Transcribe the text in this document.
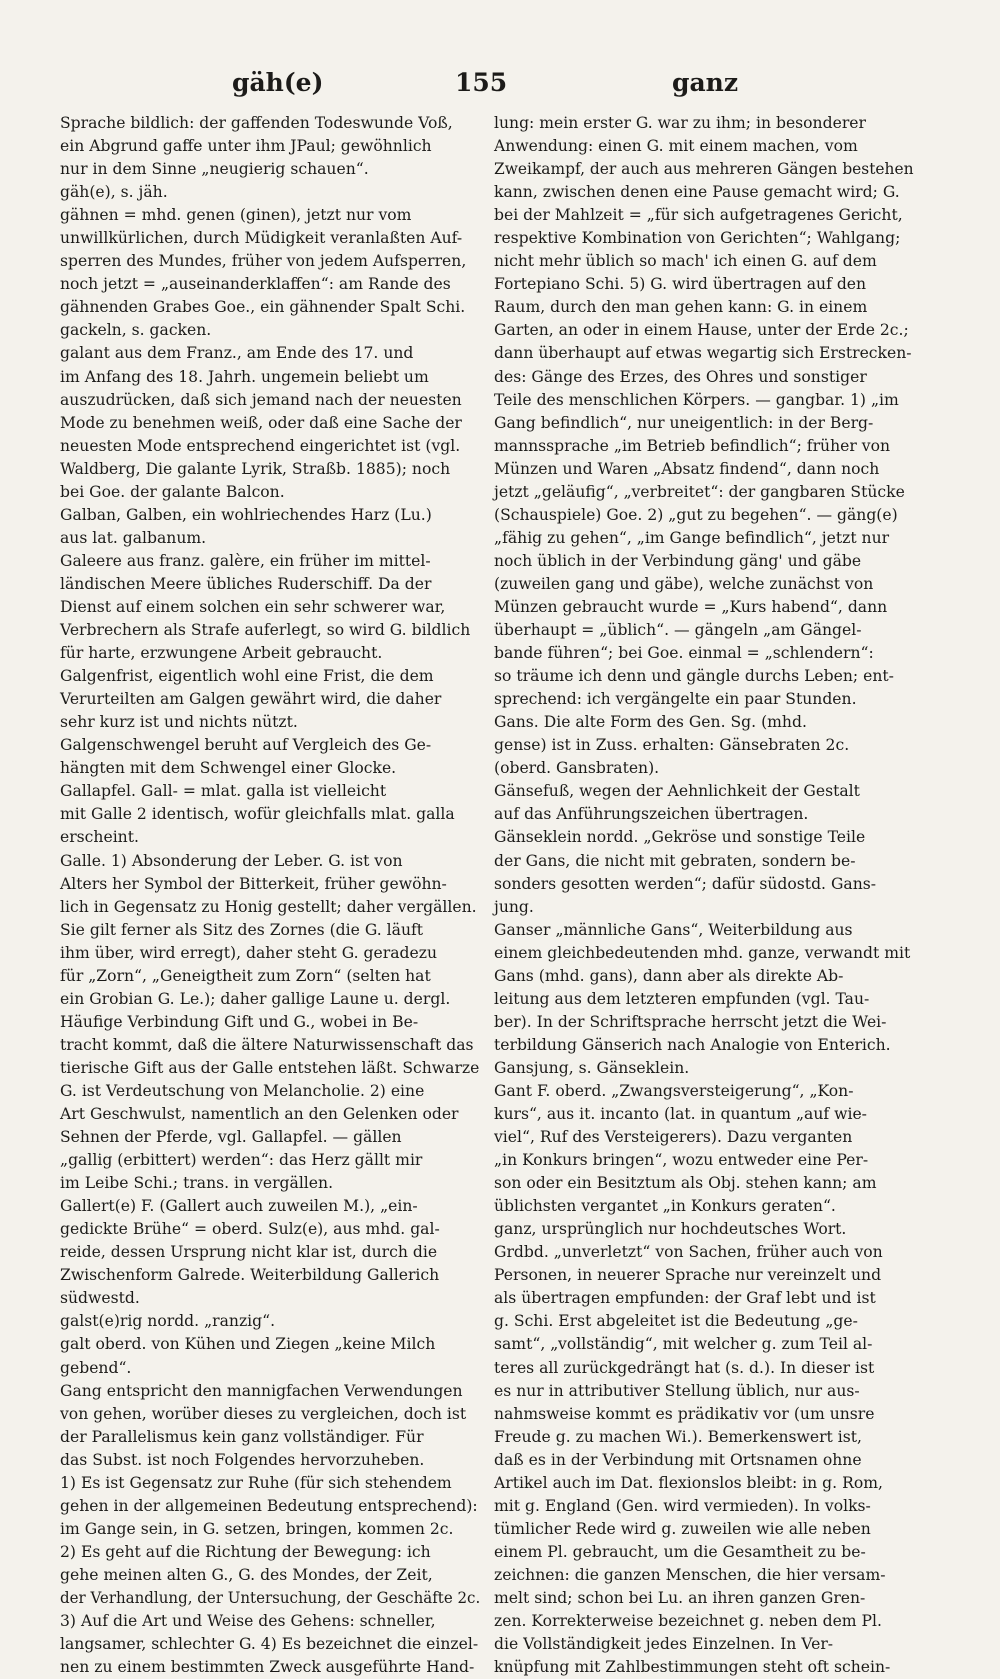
gäh(e)	155	ganz

Sprache bildlich: der gaffenden Todeswunde Voß,

ein Abgrund gaffe unter ihm JPaul; gewöhnlich

nur in dem Sinne „neugierig schauen“.

gäh(e), s. jäh.

gähnen = mhd. genen (ginen), jetzt nur vom

unwillkürlichen, durch Müdigkeit veranlaßten Auf-

sperren des Mundes, früher von jedem Aufsperren,

noch jetzt = „auseinanderklaffen“: am Rande des

gähnenden Grabes Goe., ein gähnender Spalt Schi.

gackeln, s. gacken.

galant aus dem Franz., am Ende des 17. und

im Anfang des 18. Jahrh. ungemein beliebt um

auszudrücken, daß sich jemand nach der neuesten

Mode zu benehmen weiß, oder daß eine Sache der

neuesten Mode entsprechend eingerichtet ist (vgl.

Waldberg, Die galante Lyrik, Straßb. 1885); noch

bei Goe. der galante Balcon.

Galban, Galben, ein wohlriechendes Harz (Lu.)

aus lat. galbanum.

Galeere aus franz. galère, ein früher im mittel-

ländischen Meere übliches Ruderschiff. Da der

Dienst auf einem solchen ein sehr schwerer war,

Verbrechern als Strafe auferlegt, so wird G. bildlich

für harte, erzwungene Arbeit gebraucht.

Galgenfrist, eigentlich wohl eine Frist, die dem

Verurteilten am Galgen gewährt wird, die daher

sehr kurz ist und nichts nützt.

Galgenschwengel beruht auf Vergleich des Ge-

hängten mit dem Schwengel einer Glocke.

Gallapfel. Gall- = mlat. galla ist vielleicht

mit Galle 2 identisch, wofür gleichfalls mlat. galla

erscheint.

Galle. 1) Absonderung der Leber. G. ist von

Alters her Symbol der Bitterkeit, früher gewöhn-

lich in Gegensatz zu Honig gestellt; daher vergällen.

Sie gilt ferner als Sitz des Zornes (die G. läuft

ihm über, wird erregt), daher steht G. geradezu

für „Zorn“, „Geneigtheit zum Zorn“ (selten hat

ein Grobian G. Le.); daher gallige Laune u. dergl.

Häufige Verbindung Gift und G., wobei in Be-

tracht kommt, daß die ältere Naturwissenschaft das

tierische Gift aus der Galle entstehen läßt. Schwarze

G. ist Verdeutschung von Melancholie. 2) eine

Art Geschwulst, namentlich an den Gelenken oder

Sehnen der Pferde, vgl. Gallapfel. — gällen

„gallig (erbittert) werden“: das Herz gällt mir

im Leibe Schi.; trans. in vergällen.

Gallert(e) F. (Gallert auch zuweilen M.), „ein-

gedickte Brühe“ = oberd. Sulz(e), aus mhd. gal-

reide, dessen Ursprung nicht klar ist, durch die

Zwischenform Galrede. Weiterbildung Gallerich

südwestd.

galst(e)rig nordd. „ranzig“.

galt oberd. von Kühen und Ziegen „keine Milch

gebend“.

Gang entspricht den mannigfachen Verwendungen

von gehen, worüber dieses zu vergleichen, doch ist

der Parallelismus kein ganz vollständiger. Für

das Subst. ist noch Folgendes hervorzuheben.

1) Es ist Gegensatz zur Ruhe (für sich stehendem

gehen in der allgemeinen Bedeutung entsprechend):

im Gange sein, in G. setzen, bringen, kommen 2c.

2) Es geht auf die Richtung der Bewegung: ich

gehe meinen alten G., G. des Mondes, der Zeit,

der Verhandlung, der Untersuchung, der Geschäfte 2c.

3) Auf die Art und Weise des Gehens: schneller,

langsamer, schlechter G. 4) Es bezeichnet die einzel-

nen zu einem bestimmten Zweck ausgeführte Hand-

lung: mein erster G. war zu ihm; in besonderer

Anwendung: einen G. mit einem machen, vom

Zweikampf, der auch aus mehreren Gängen bestehen

kann, zwischen denen eine Pause gemacht wird; G.

bei der Mahlzeit = „für sich aufgetragenes Gericht,

respektive Kombination von Gerichten“; Wahlgang;

nicht mehr üblich so mach' ich einen G. auf dem

Fortepiano Schi. 5) G. wird übertragen auf den

Raum, durch den man gehen kann: G. in einem

Garten, an oder in einem Hause, unter der Erde 2c.;

dann überhaupt auf etwas wegartig sich Erstrecken-

des: Gänge des Erzes, des Ohres und sonstiger

Teile des menschlichen Körpers. — gangbar. 1) „im

Gang befindlich“, nur uneigentlich: in der Berg-

mannssprache „im Betrieb befindlich“; früher von

Münzen und Waren „Absatz findend“, dann noch

jetzt „geläufig“, „verbreitet“: der gangbaren Stücke

(Schauspiele) Goe. 2) „gut zu begehen“. — gäng(e)

„fähig zu gehen“, „im Gange befindlich“, jetzt nur

noch üblich in der Verbindung gäng' und gäbe

(zuweilen gang und gäbe), welche zunächst von

Münzen gebraucht wurde = „Kurs habend“, dann

überhaupt = „üblich“. — gängeln „am Gängel-

bande führen“; bei Goe. einmal = „schlendern“:

so träume ich denn und gängle durchs Leben; ent-

sprechend: ich vergängelte ein paar Stunden.

Gans. Die alte Form des Gen. Sg. (mhd.

gense) ist in Zuss. erhalten: Gänsebraten 2c.

(oberd. Gansbraten).

Gänsefuß, wegen der Aehnlichkeit der Gestalt

auf das Anführungszeichen übertragen.

Gänseklein nordd. „Gekröse und sonstige Teile

der Gans, die nicht mit gebraten, sondern be-

sonders gesotten werden“; dafür südostd. Gans-

jung.

Ganser „männliche Gans“, Weiterbildung aus

einem gleichbedeutenden mhd. ganze, verwandt mit

Gans (mhd. gans), dann aber als direkte Ab-

leitung aus dem letzteren empfunden (vgl. Tau-

ber). In der Schriftsprache herrscht jetzt die Wei-

terbildung Gänserich nach Analogie von Enterich.

Gansjung, s. Gänseklein.

Gant F. oberd. „Zwangsversteigerung“, „Kon-

kurs“, aus it. incanto (lat. in quantum „auf wie-

viel“, Ruf des Versteigerers). Dazu verganten

„in Konkurs bringen“, wozu entweder eine Per-

son oder ein Besitztum als Obj. stehen kann; am

üblichsten vergantet „in Konkurs geraten“.

ganz, ursprünglich nur hochdeutsches Wort.

Grdbd. „unverletzt“ von Sachen, früher auch von

Personen, in neuerer Sprache nur vereinzelt und

als übertragen empfunden: der Graf lebt und ist

g. Schi. Erst abgeleitet ist die Bedeutung „ge-

samt“, „vollständig“, mit welcher g. zum Teil al-

teres all zurückgedrängt hat (s. d.). In dieser ist

es nur in attributiver Stellung üblich, nur aus-

nahmsweise kommt es prädikativ vor (um unsre

Freude g. zu machen Wi.). Bemerkenswert ist,

daß es in der Verbindung mit Ortsnamen ohne

Artikel auch im Dat. flexionslos bleibt: in g. Rom,

mit g. England (Gen. wird vermieden). In volks-

tümlicher Rede wird g. zuweilen wie alle neben

einem Pl. gebraucht, um die Gesamtheit zu be-

zeichnen: die ganzen Menschen, die hier versam-

melt sind; schon bei Lu. an ihren ganzen Gren-

zen. Korrekterweise bezeichnet g. neben dem Pl.

die Vollständigkeit jedes Einzelnen. In Ver-

knüpfung mit Zahlbestimmungen steht oft schein-
